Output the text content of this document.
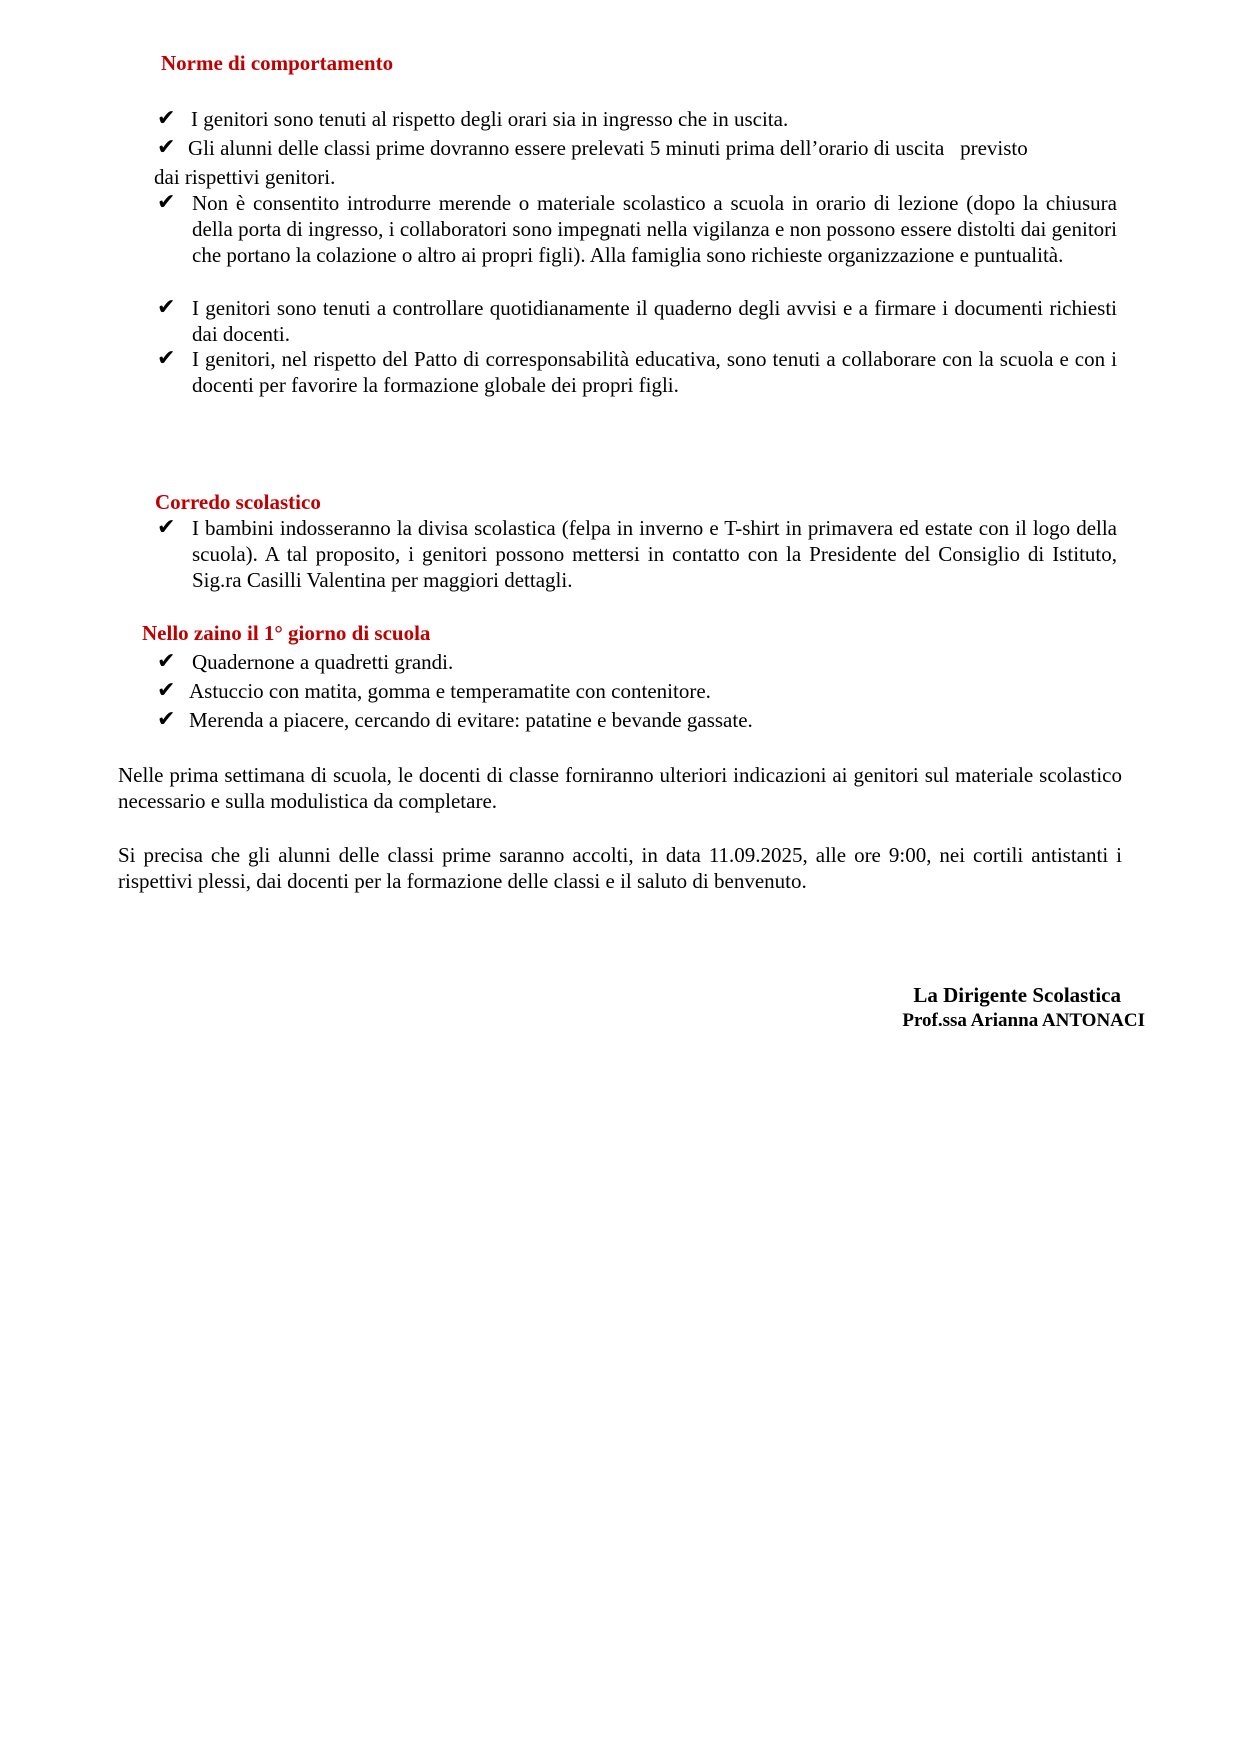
Norme di comportamento
✔ I genitori sono tenuti al rispetto degli orari sia in ingresso che in uscita.
✔ Gli alunni delle classi prime dovranno essere prelevati 5 minuti prima dell’orario di uscita   previsto
dai rispettivi genitori.
✔ Non è consentito introdurre merende o materiale scolastico a scuola in orario di lezione (dopo la chiusura della porta di ingresso, i collaboratori sono impegnati nella vigilanza e non possono essere distolti dai genitori che portano la colazione o altro ai propri figli). Alla famiglia sono richieste organizzazione e puntualità.
✔ I genitori sono tenuti a controllare quotidianamente il quaderno degli avvisi e a firmare i documenti richiesti dai docenti.
✔ I genitori, nel rispetto del Patto di corresponsabilità educativa, sono tenuti a collaborare con la scuola e con i docenti per favorire la formazione globale dei propri figli.
Corredo scolastico
✔ I bambini indosseranno la divisa scolastica (felpa in inverno e T-shirt in primavera ed estate con il logo della scuola). A tal proposito, i genitori possono mettersi in contatto con la Presidente del Consiglio di Istituto, Sig.ra Casilli Valentina per maggiori dettagli.
Nello zaino il 1° giorno di scuola
✔ Quadernone a quadretti grandi.
✔ Astuccio con matita, gomma e temperamatite con contenitore.
✔ Merenda a piacere, cercando di evitare: patatine e bevande gassate.

Nelle prima settimana di scuola, le docenti di classe forniranno ulteriori indicazioni ai genitori sul materiale scolastico necessario e sulla modulistica da completare.

Si precisa che gli alunni delle classi prime saranno accolti, in data 11.09.2025, alle ore 9:00, nei cortili antistanti i rispettivi plessi, dai docenti per la formazione delle classi e il saluto di benvenuto.

La Dirigente Scolastica

Prof.ssa Arianna ANTONACI
